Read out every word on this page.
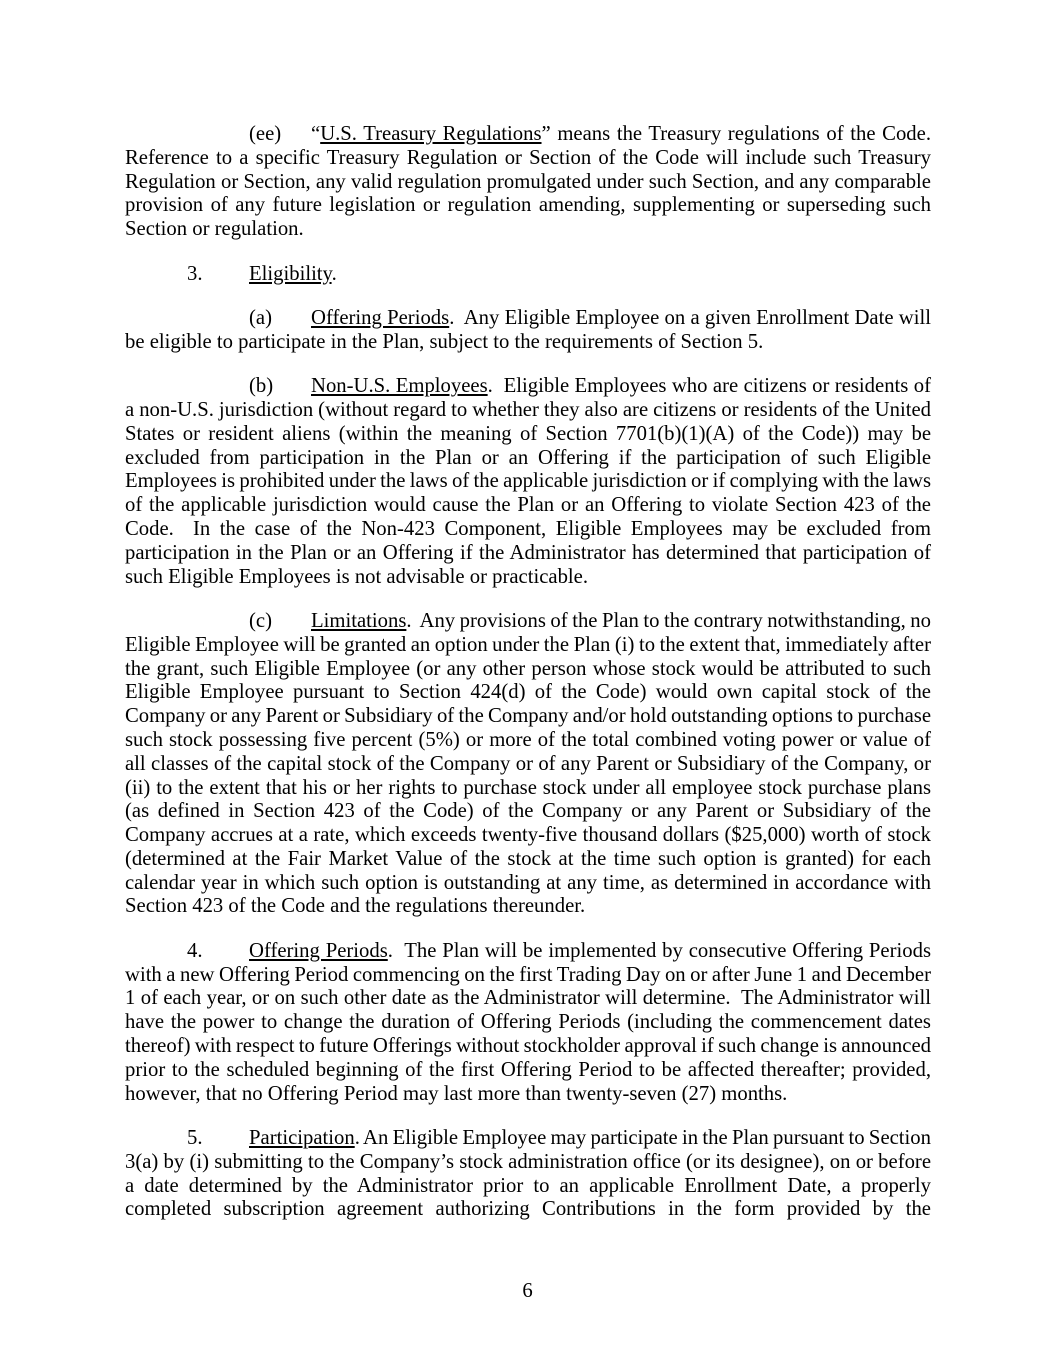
(ee) “U.S. Treasury Regulations” means the Treasury regulations of the Code.
Reference to a specific Treasury Regulation or Section of the Code will include such Treasury
Regulation or Section, any valid regulation promulgated under such Section, and any comparable
provision of any future legislation or regulation amending, supplementing or superseding such
Section or regulation.
3. Eligibility.
(a) Offering Periods.  Any Eligible Employee on a given Enrollment Date will
be eligible to participate in the Plan, subject to the requirements of Section 5.
(b) Non-U.S. Employees.  Eligible Employees who are citizens or residents of
a non-U.S. jurisdiction (without regard to whether they also are citizens or residents of the United
States or resident aliens (within the meaning of Section 7701(b)(1)(A) of the Code)) may be
excluded from participation in the Plan or an Offering if the participation of such Eligible
Employees is prohibited under the laws of the applicable jurisdiction or if complying with the laws
of the applicable jurisdiction would cause the Plan or an Offering to violate Section 423 of the
Code.  In the case of the Non-423 Component, Eligible Employees may be excluded from
participation in the Plan or an Offering if the Administrator has determined that participation of
such Eligible Employees is not advisable or practicable.
(c) Limitations.  Any provisions of the Plan to the contrary notwithstanding, no
Eligible Employee will be granted an option under the Plan (i) to the extent that, immediately after
the grant, such Eligible Employee (or any other person whose stock would be attributed to such
Eligible Employee pursuant to Section 424(d) of the Code) would own capital stock of the
Company or any Parent or Subsidiary of the Company and/or hold outstanding options to purchase
such stock possessing five percent (5%) or more of the total combined voting power or value of
all classes of the capital stock of the Company or of any Parent or Subsidiary of the Company, or
(ii) to the extent that his or her rights to purchase stock under all employee stock purchase plans
(as defined in Section 423 of the Code) of the Company or any Parent or Subsidiary of the
Company accrues at a rate, which exceeds twenty-five thousand dollars ($25,000) worth of stock
(determined at the Fair Market Value of the stock at the time such option is granted) for each
calendar year in which such option is outstanding at any time, as determined in accordance with
Section 423 of the Code and the regulations thereunder.
4. Offering Periods.  The Plan will be implemented by consecutive Offering Periods
with a new Offering Period commencing on the first Trading Day on or after June 1 and December
1 of each year, or on such other date as the Administrator will determine.  The Administrator will
have the power to change the duration of Offering Periods (including the commencement dates
thereof) with respect to future Offerings without stockholder approval if such change is announced
prior to the scheduled beginning of the first Offering Period to be affected thereafter; provided,
however, that no Offering Period may last more than twenty-seven (27) months.
5. Participation. An Eligible Employee may participate in the Plan pursuant to Section
3(a) by (i) submitting to the Company’s stock administration office (or its designee), on or before
a date determined by the Administrator prior to an applicable Enrollment Date, a properly
completed subscription agreement authorizing Contributions in the form provided by the
6
